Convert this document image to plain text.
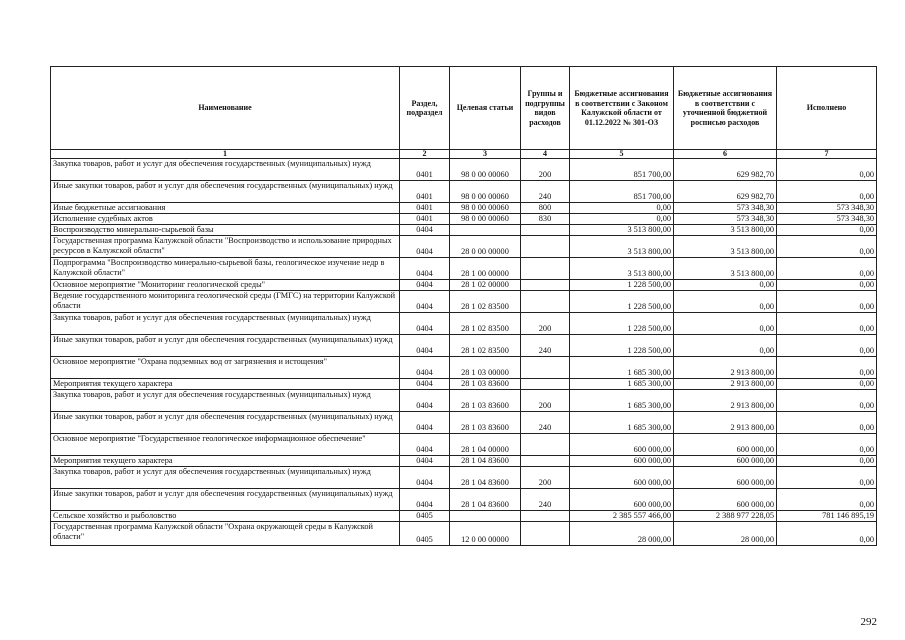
Наименование	Раздел, подраздел	Целевая статьи	Группы и подгруппы видов расходов	Бюджетные ассигнования в соответствии с Законом Калужской области от 01.12.2022 № 301-ОЗ	Бюджетные ассигнования в соответствии с уточненной бюджетной росписью расходов	Исполнено
1	2	3	4	5	6	7
Закупка товаров, работ и услуг для обеспечения государственных (муниципальных) нужд	0401	98 0 00 00060	200	851 700,00	629 982,70	0,00
Иные закупки товаров, работ и услуг для обеспечения государственных (муниципальных) нужд	0401	98 0 00 00060	240	851 700,00	629 982,70	0,00
Иные бюджетные ассигнования	0401	98 0 00 00060	800	0,00	573 348,30	573 348,30
Исполнение судебных актов	0401	98 0 00 00060	830	0,00	573 348,30	573 348,30
Воспроизводство минерально-сырьевой базы	0404			3 513 800,00	3 513 800,00	0,00
Государственная программа Калужской области "Воспроизводство и использование природных ресурсов в Калужской области"	0404	28 0 00 00000		3 513 800,00	3 513 800,00	0,00
Подпрограмма "Воспроизводство минерально-сырьевой базы, геологическое изучение недр в Калужской области"	0404	28 1 00 00000		3 513 800,00	3 513 800,00	0,00
Основное мероприятие "Мониторинг геологической среды"	0404	28 1 02 00000		1 228 500,00	0,00	0,00
Ведение государственного мониторинга геологической среды (ГМГС) на территории Калужской области	0404	28 1 02 83500		1 228 500,00	0,00	0,00
Закупка товаров, работ и услуг для обеспечения государственных (муниципальных) нужд	0404	28 1 02 83500	200	1 228 500,00	0,00	0,00
Иные закупки товаров, работ и услуг для обеспечения государственных (муниципальных) нужд	0404	28 1 02 83500	240	1 228 500,00	0,00	0,00
Основное мероприятие "Охрана подземных вод от загрязнения и истощения"	0404	28 1 03 00000		1 685 300,00	2 913 800,00	0,00
Мероприятия текущего характера	0404	28 1 03 83600		1 685 300,00	2 913 800,00	0,00
Закупка товаров, работ и услуг для обеспечения государственных (муниципальных) нужд	0404	28 1 03 83600	200	1 685 300,00	2 913 800,00	0,00
Иные закупки товаров, работ и услуг для обеспечения государственных (муниципальных) нужд	0404	28 1 03 83600	240	1 685 300,00	2 913 800,00	0,00
Основное мероприятие "Государственное геологическое информационное обеспечение"	0404	28 1 04 00000		600 000,00	600 000,00	0,00
Мероприятия текущего характера	0404	28 1 04 83600		600 000,00	600 000,00	0,00
Закупка товаров, работ и услуг для обеспечения государственных (муниципальных) нужд	0404	28 1 04 83600	200	600 000,00	600 000,00	0,00
Иные закупки товаров, работ и услуг для обеспечения государственных (муниципальных) нужд	0404	28 1 04 83600	240	600 000,00	600 000,00	0,00
Сельское хозяйство и рыболовство	0405			2 385 557 466,00	2 388 977 228,05	781 146 895,19
Государственная программа Калужской области "Охрана окружающей среды в Калужской области"	0405	12 0 00 00000		28 000,00	28 000,00	0,00
292
